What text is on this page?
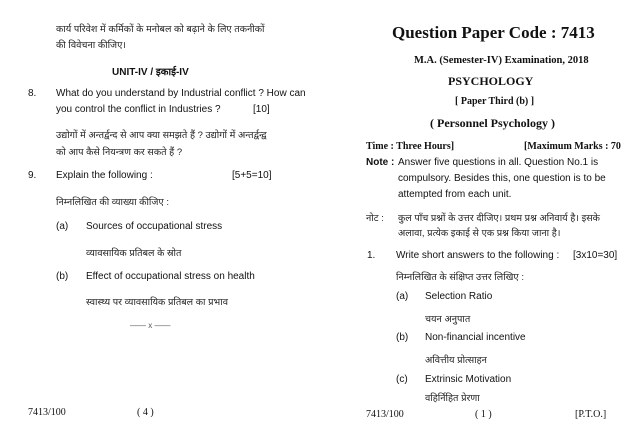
कार्य परिवेश में कर्मिकों के मनोबल को बढ़ाने के लिए तकनीकों
की विवेचना कीजिए।
UNIT-IV / इकाई-IV
8. What do you understand by Industrial conflict ? How can
you control the conflict in Industries ?	[10]
उद्योगों में अन्तर्द्वन्द से आप क्या समझते हैं ? उद्योगों में अन्तर्द्वन्द्व
को आप कैसे नियन्त्रण कर सकते हैं ?
9. Explain the following :	[5+5=10]
निम्नलिखित की व्याख्या कीजिए :
(a) Sources of occupational stress
व्यावसायिक प्रतिबल के स्रोत
(b) Effect of occupational stress on health
स्वास्थ्य पर व्यावसायिक प्रतिबल का प्रभाव
—— x ——
7413/100	( 4 )
Question Paper Code : 7413
M.A. (Semester-IV) Examination, 2018
PSYCHOLOGY
[ Paper Third (b) ]
( Personnel Psychology )
Time : Three Hours]	[Maximum Marks : 70
Note : Answer five questions in all. Question No.1 is
compulsory. Besides this, one question is to be
attempted from each unit.
नोट : कुल पाँच प्रश्नों के उत्तर दीजिए। प्रथम प्रश्न अनिवार्य है। इसके
अलावा, प्रत्येक इकाई से एक प्रश्न किया जाना है।
1. Write short answers to the following : [3x10=30]
निम्नलिखित के संक्षिप्त उत्तर लिखिए :
(a) Selection Ratio
चयन अनुपात
(b) Non-financial incentive
अवित्तीय प्रोत्साहन
(c) Extrinsic Motivation
वहिर्निहित प्रेरणा
7413/100	( 1 )	[P.T.O.]
